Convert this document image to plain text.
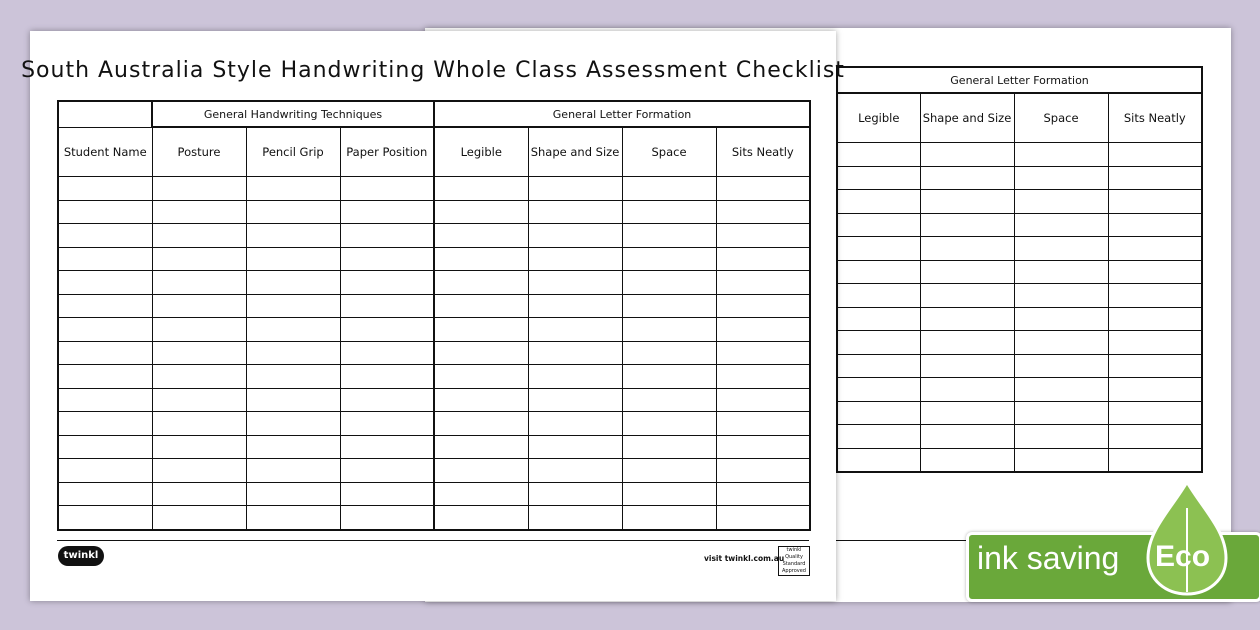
General Letter Formation			
Legible	Shape and Size	Space	Sits Neatly

South Australia Style Handwriting Whole Class Assessment Checklist
	General Handwriting Techniques			General Letter Formation			
Student Name	Posture	Pencil Grip	Paper Position	Legible	Shape and Size	Space	Sits Neatly

twinkl	visit twinkl.com.au
twinkl Quality Standard Approved	ink saving Eco
